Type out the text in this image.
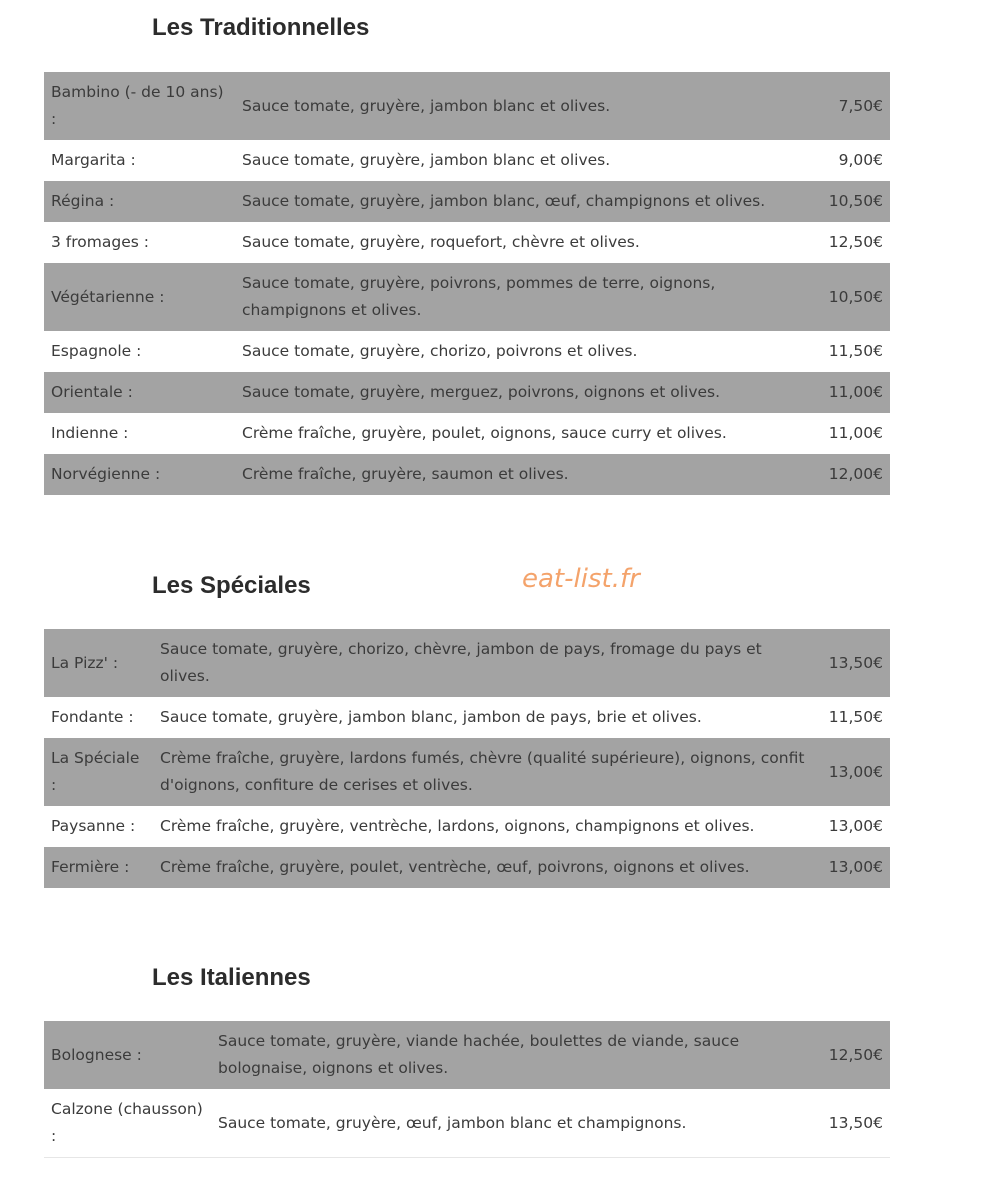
Les Traditionnelles
Bambino (- de 10 ans) :	Sauce tomate, gruyère, jambon blanc et olives.	7,50€
Margarita :	Sauce tomate, gruyère, jambon blanc et olives.	9,00€
Régina :	Sauce tomate, gruyère, jambon blanc, œuf, champignons et olives.	10,50€
3 fromages :	Sauce tomate, gruyère, roquefort, chèvre et olives.	12,50€
Végétarienne :	Sauce tomate, gruyère, poivrons, pommes de terre, oignons, champignons et olives.	10,50€
Espagnole :	Sauce tomate, gruyère, chorizo, poivrons et olives.	11,50€
Orientale :	Sauce tomate, gruyère, merguez, poivrons, oignons et olives.	11,00€
Indienne :	Crème fraîche, gruyère, poulet, oignons, sauce curry et olives.	11,00€
Norvégienne :	Crème fraîche, gruyère, saumon et olives.	12,00€
eat-list.fr
Les Spéciales
La Pizz' :	Sauce tomate, gruyère, chorizo, chèvre, jambon de pays, fromage du pays et olives.	13,50€
Fondante :	Sauce tomate, gruyère, jambon blanc, jambon de pays, brie et olives.	11,50€
La Spéciale :	Crème fraîche, gruyère, lardons fumés, chèvre (qualité supérieure), oignons, confit d'oignons, confiture de cerises et olives.	13,00€
Paysanne :	Crème fraîche, gruyère, ventrèche, lardons, oignons, champignons et olives.	13,00€
Fermière :	Crème fraîche, gruyère, poulet, ventrèche, œuf, poivrons, oignons et olives.	13,00€
Les Italiennes
Bolognese :	Sauce tomate, gruyère, viande hachée, boulettes de viande, sauce bolognaise, oignons et olives.	12,50€
Calzone (chausson) :	Sauce tomate, gruyère, œuf, jambon blanc et champignons.	13,50€
